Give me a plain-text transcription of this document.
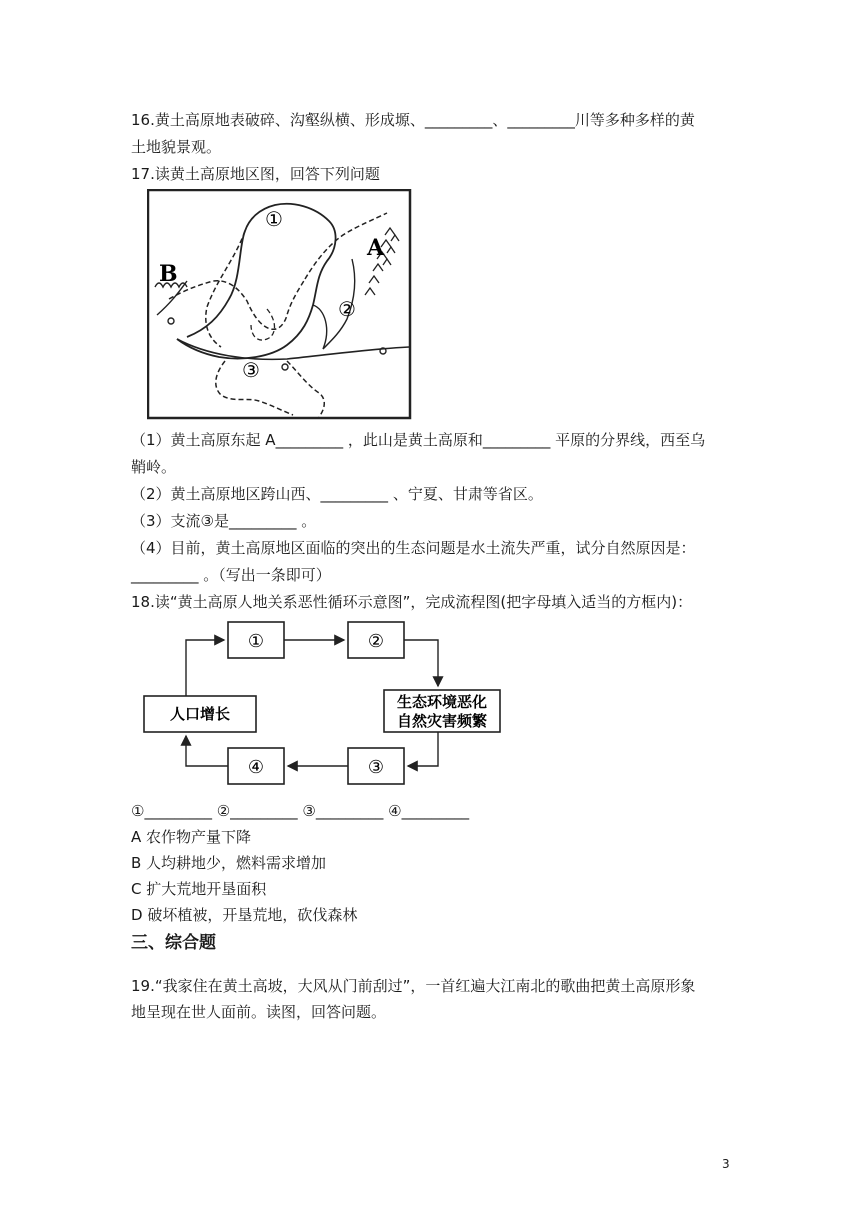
16.黄土高原地表破碎、沟壑纵横、形成塬、_________、_________川等多种多样的黄
土地貌景观。
17.读黄土高原地区图，回答下列问题
①
②
③
A
B
（1）黄土高原东起 A_________ ，此山是黄土高原和_________ 平原的分界线，西至乌
鞘岭。
（2）黄土高原地区跨山西、_________ 、宁夏、甘肃等省区。
（3）支流③是_________ 。
（4）目前，黄土高原地区面临的突出的生态问题是水土流失严重，试分自然原因是：
_________ 。（写出一条即可）
18.读“黄土高原人地关系恶性循环示意图”，完成流程图(把字母填入适当的方框内)：
①	②
③
④
人口增长
生态环境恶化
自然灾害频繁
①_________ ②_________ ③_________ ④_________
A 农作物产量下降
B 人均耕地少，燃料需求增加
C 扩大荒地开垦面积
D 破坏植被，开垦荒地，砍伐森林
三、综合题
19.“我家住在黄土高坡，大风从门前刮过”，一首红遍大江南北的歌曲把黄土高原形象
地呈现在世人面前。读图，回答问题。
3
